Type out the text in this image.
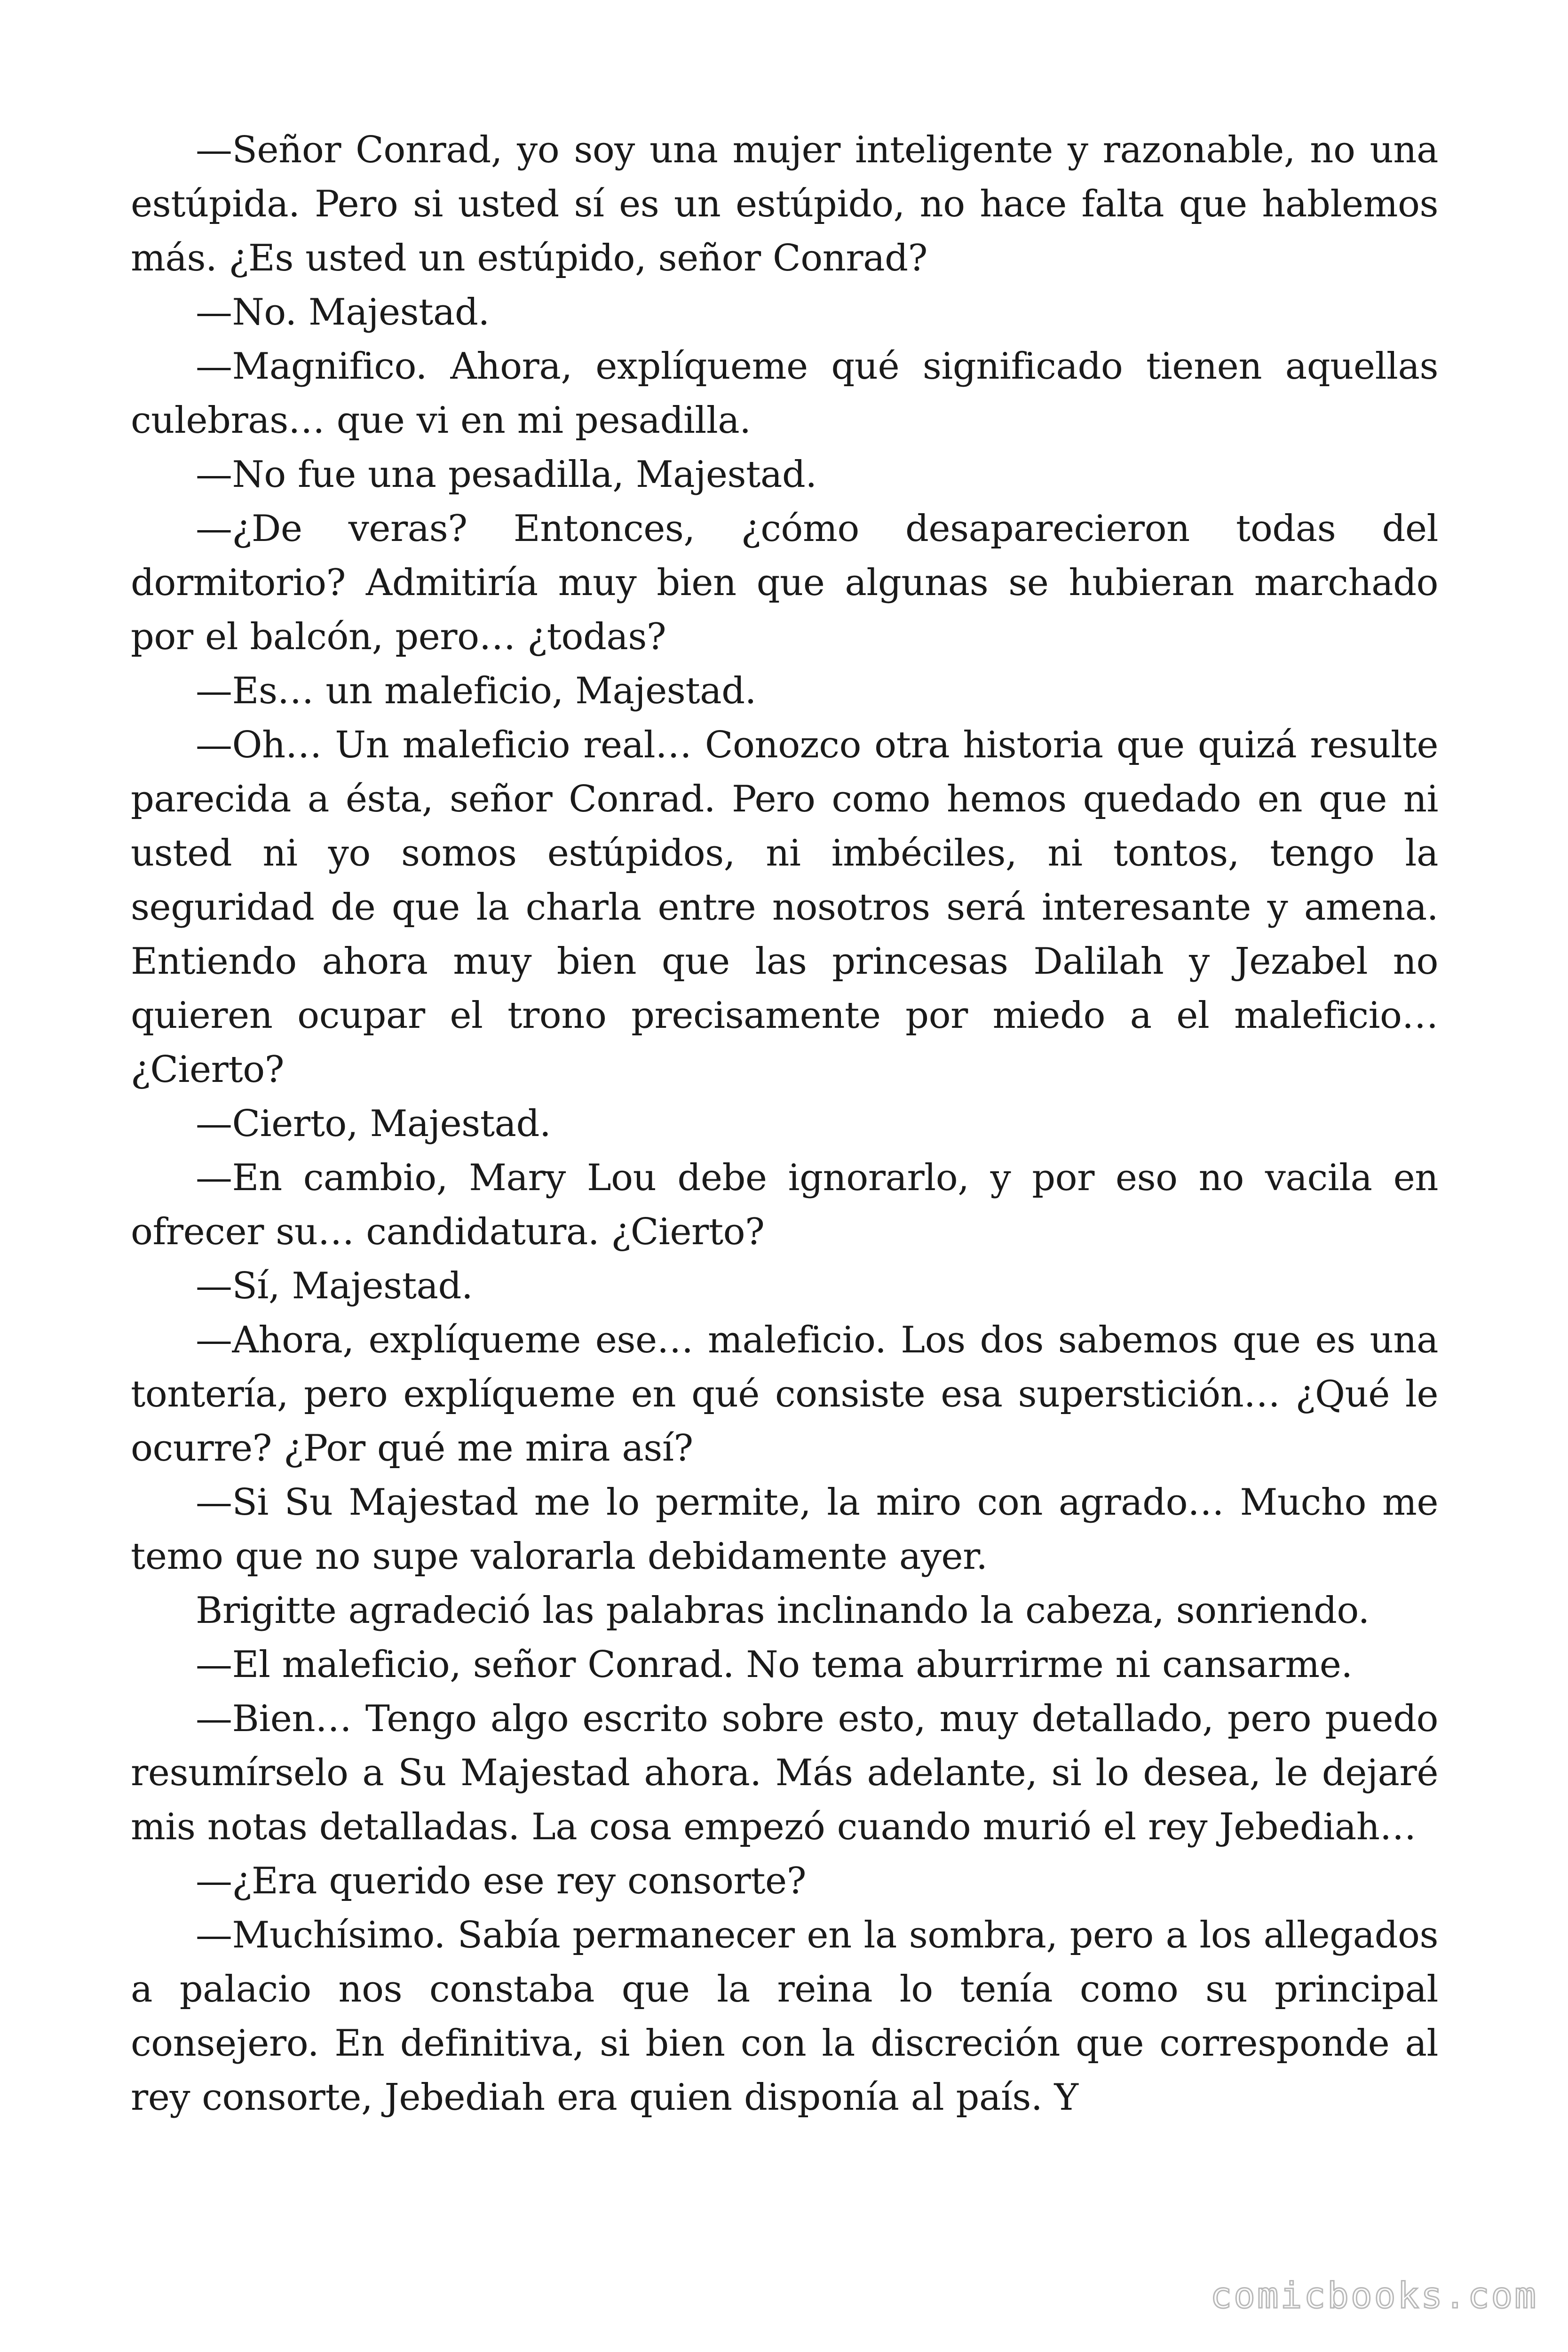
—Señor Conrad, yo soy una mujer inteligente y razonable, no una estúpida. Pero si usted sí es un estúpido, no hace falta que hablemos más. ¿Es usted un estúpido, señor Conrad?

—No. Majestad.

—Magnifico. Ahora, explíqueme qué significado tienen aquellas culebras… que vi en mi pesadilla.

—No fue una pesadilla, Majestad.

—¿De veras? Entonces, ¿cómo desaparecieron todas del dormitorio? Admitiría muy bien que algunas se hubieran marchado por el balcón, pero… ¿todas?

—Es… un maleficio, Majestad.

—Oh… Un maleficio real… Conozco otra historia que quizá resulte parecida a ésta, señor Conrad. Pero como hemos quedado en que ni usted ni yo somos estúpidos, ni imbéciles, ni tontos, tengo la seguridad de que la charla entre nosotros será interesante y amena. Entiendo ahora muy bien que las princesas Dalilah y Jezabel no quieren ocupar el trono precisamente por miedo a el maleficio… ¿Cierto?

—Cierto, Majestad.

—En cambio, Mary Lou debe ignorarlo, y por eso no vacila en ofrecer su… candidatura. ¿Cierto?

—Sí, Majestad.

—Ahora, explíqueme ese… maleficio. Los dos sabemos que es una tontería, pero explíqueme en qué consiste esa superstición… ¿Qué le ocurre? ¿Por qué me mira así?

—Si Su Majestad me lo permite, la miro con agrado… Mucho me temo que no supe valorarla debidamente ayer.

Brigitte agradeció las palabras inclinando la cabeza, sonriendo.

—El maleficio, señor Conrad. No tema aburrirme ni cansarme.

—Bien… Tengo algo escrito sobre esto, muy detallado, pero puedo resumírselo a Su Majestad ahora. Más adelante, si lo desea, le dejaré mis notas detalladas. La cosa empezó cuando murió el rey Jebediah…

—¿Era querido ese rey consorte?

—Muchísimo. Sabía permanecer en la sombra, pero a los allegados a palacio nos constaba que la reina lo tenía como su principal consejero. En definitiva, si bien con la discreción que corresponde al rey consorte, Jebediah era quien disponía al país. Y

comicbooks.com
